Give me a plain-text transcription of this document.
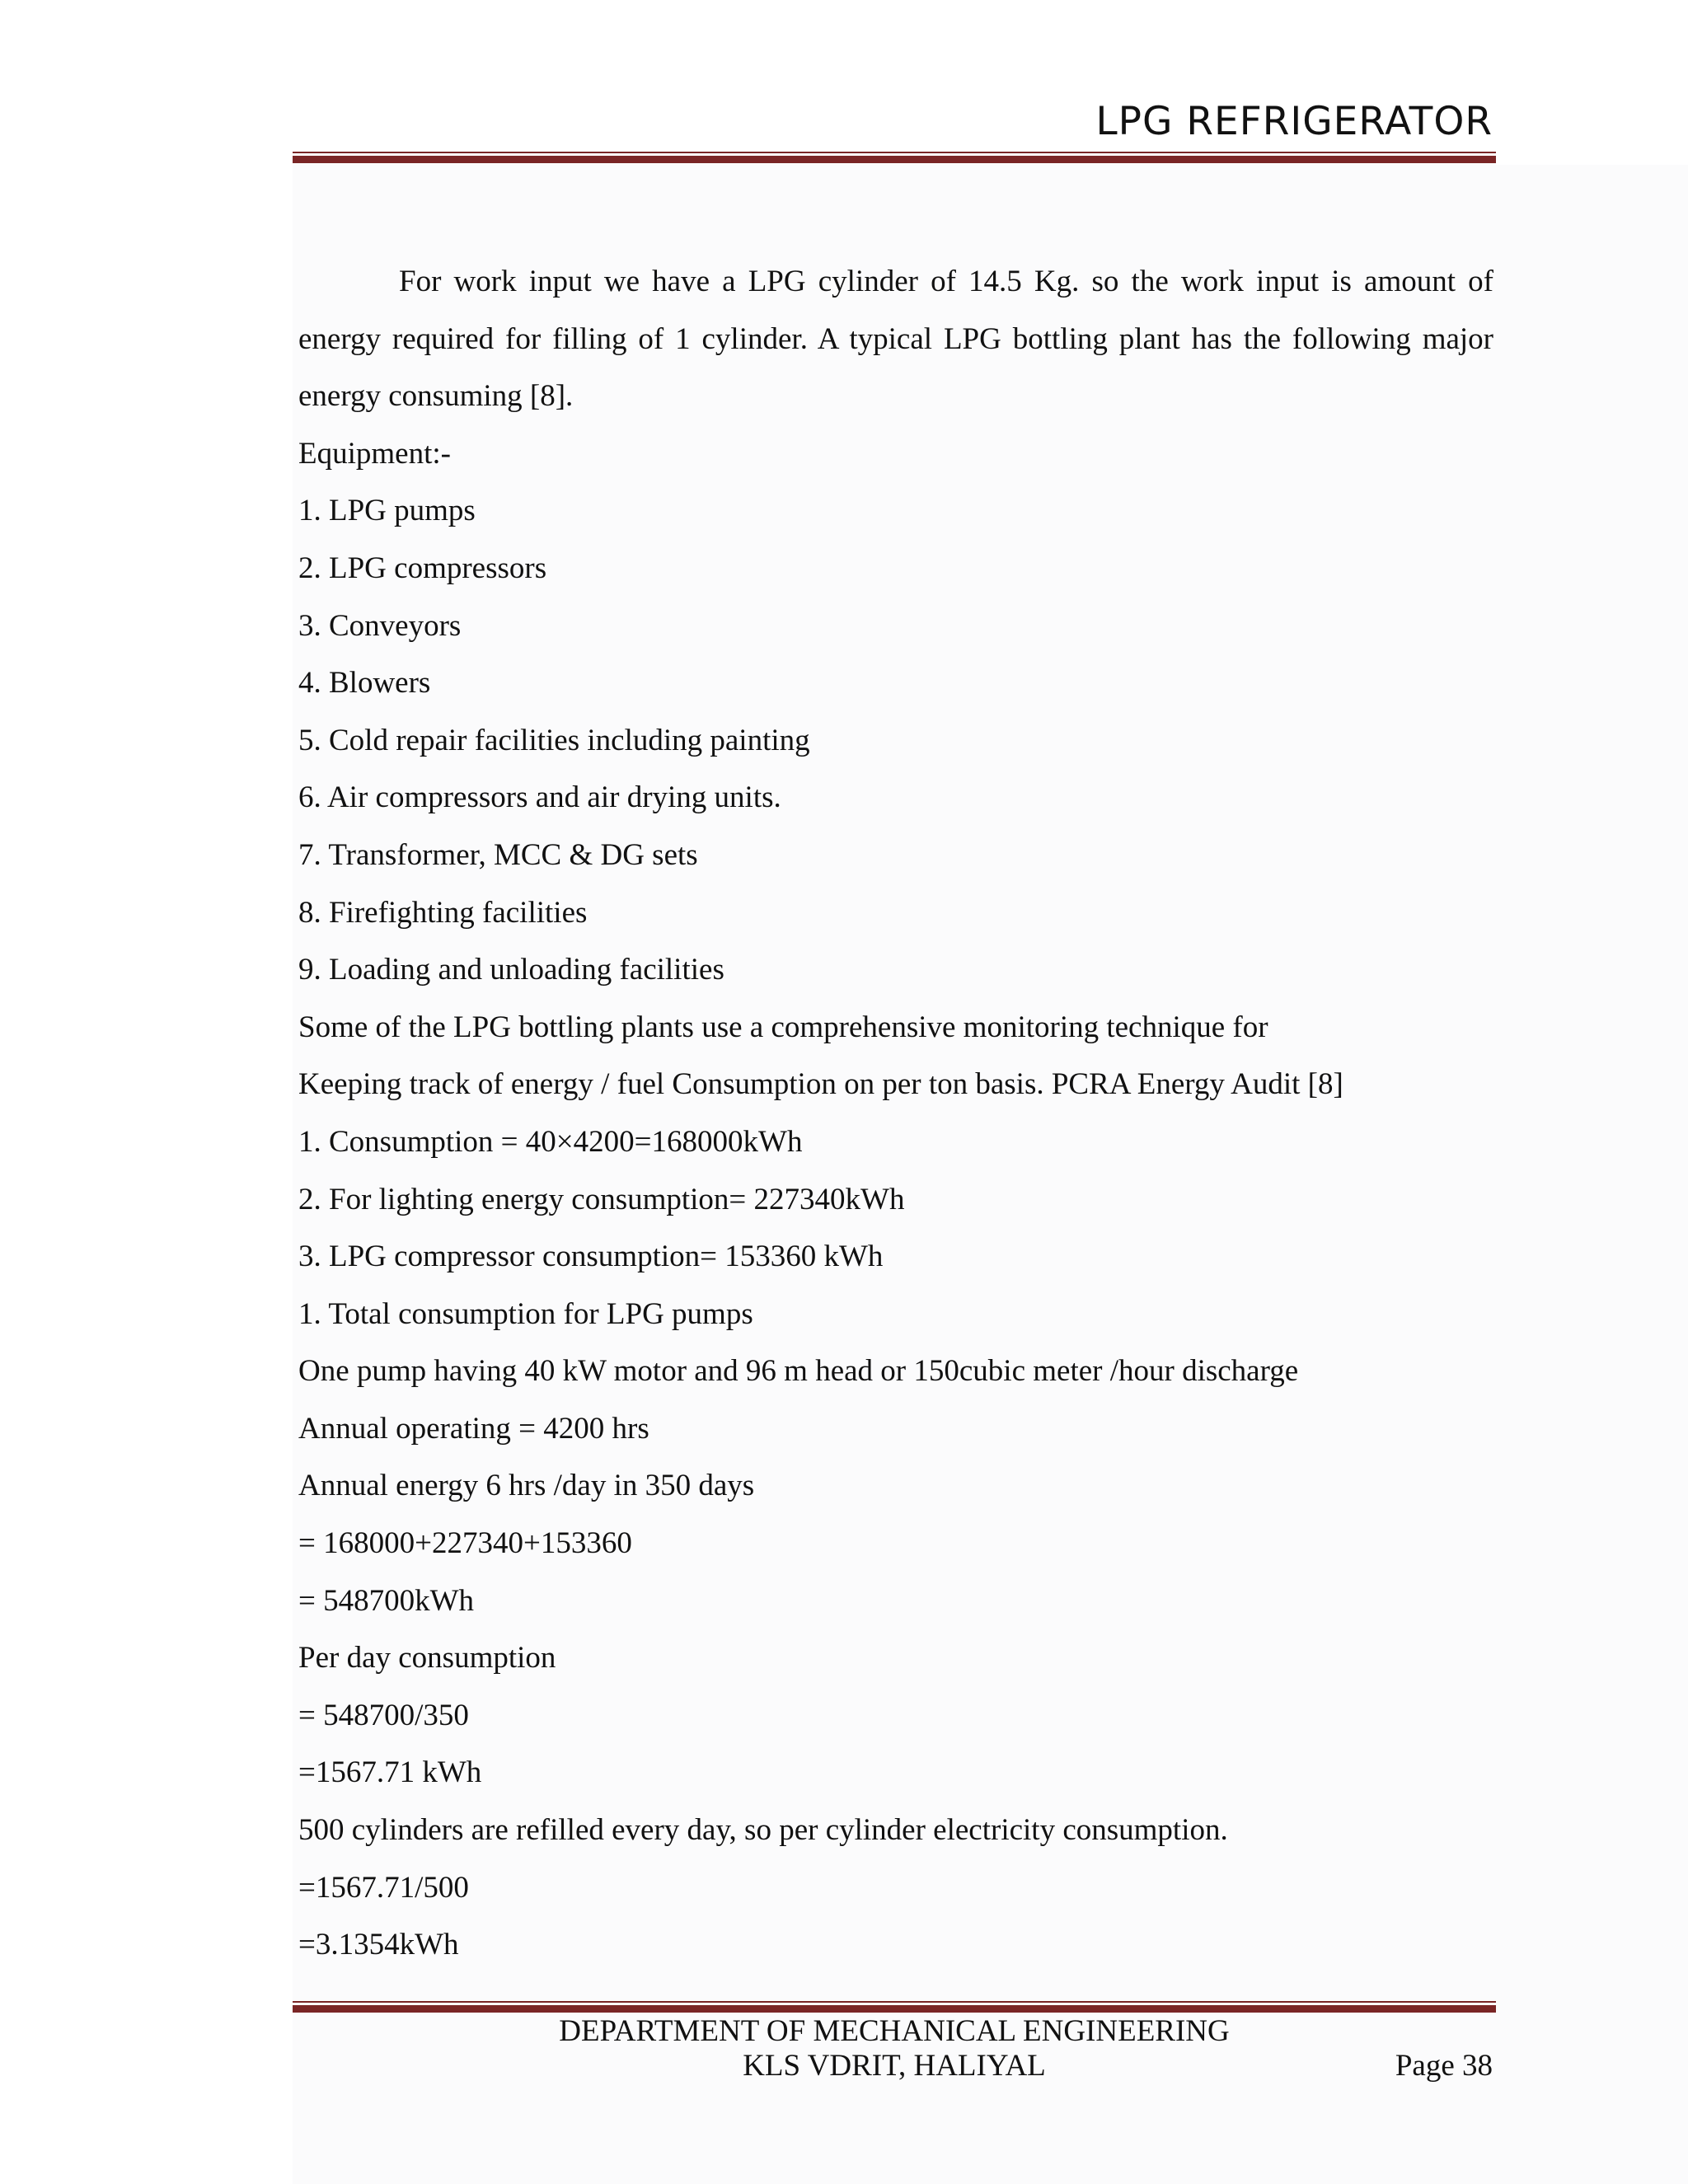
LPG REFRIGERATOR

For work input we have a LPG cylinder of 14.5 Kg. so the work input is amount of energy required for filling of 1 cylinder. A typical LPG bottling plant has the following major energy consuming [8].

Equipment:-

1. LPG pumps

2. LPG compressors

3. Conveyors

4. Blowers

5. Cold repair facilities including painting

6. Air compressors and air drying units.

7. Transformer, MCC & DG sets

8. Firefighting facilities

9. Loading and unloading facilities

Some of the LPG bottling plants use a comprehensive monitoring technique for

Keeping track of energy / fuel Consumption on per ton basis. PCRA Energy Audit [8]

1. Consumption = 40×4200=168000kWh

2. For lighting energy consumption= 227340kWh

3. LPG compressor consumption= 153360 kWh

1. Total consumption for LPG pumps

One pump having 40 kW motor and 96 m head or 150cubic meter /hour discharge

Annual operating = 4200 hrs

Annual energy 6 hrs /day in 350 days

= 168000+227340+153360

= 548700kWh

Per day consumption

= 548700/350

=1567.71 kWh

500 cylinders are refilled every day, so per cylinder electricity consumption.

=1567.71/500

=3.1354kWh

DEPARTMENT OF MECHANICAL ENGINEERING
KLS VDRIT, HALIYAL	Page 38
